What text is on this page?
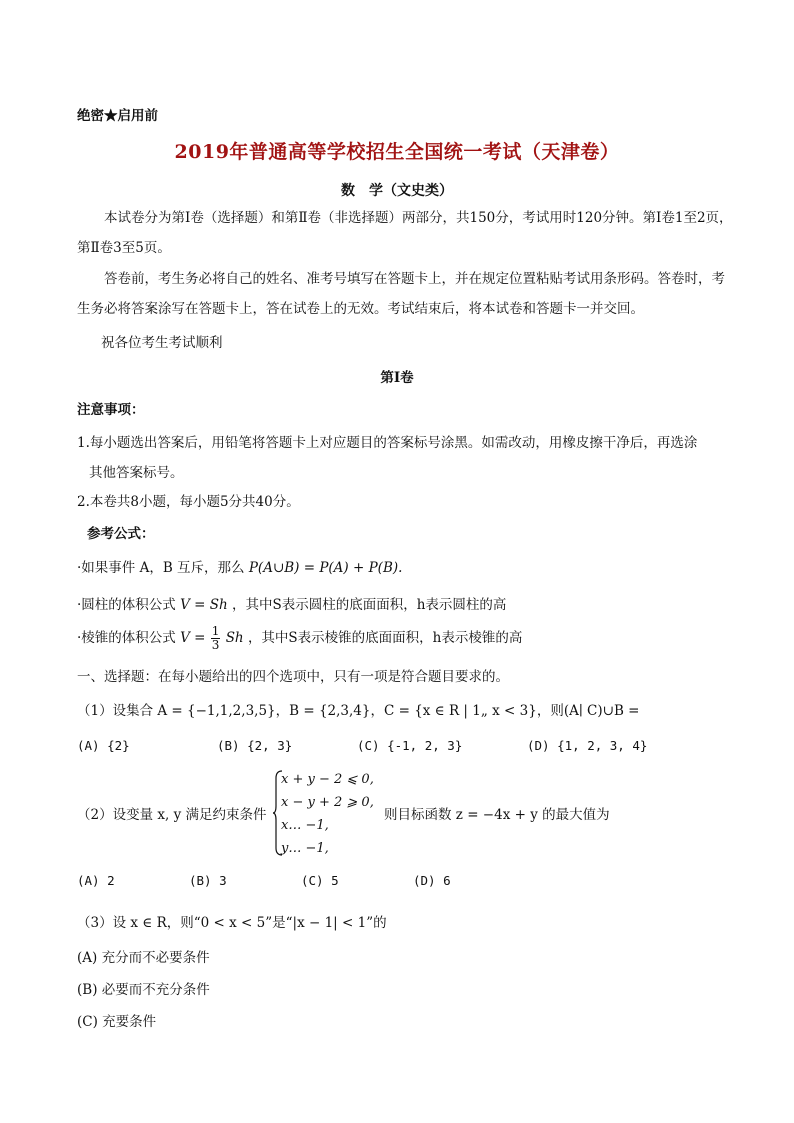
绝密★启用前
2019年普通高等学校招生全国统一考试（天津卷）
数　学（文史类）
本试卷分为第Ⅰ卷（选择题）和第Ⅱ卷（非选择题）两部分，共150分，考试用时120分钟。第Ⅰ卷1至2页，第Ⅱ卷3至5页。
答卷前，考生务必将自己的姓名、准考号填写在答题卡上，并在规定位置粘贴考试用条形码。答卷时，考生务必将答案涂写在答题卡上，答在试卷上的无效。考试结束后，将本试卷和答题卡一并交回。
祝各位考生考试顺利
第Ⅰ卷
注意事项：
1.每小题选出答案后，用铅笔将答题卡上对应题目的答案标号涂黑。如需改动，用橡皮擦干净后，再选涂
其他答案标号。
2.本卷共8小题，每小题5分共40分。
参考公式：
·如果事件 A，B 互斥，那么 P(A∪B) = P(A) + P(B).
·圆柱的体积公式 V = Sh ，其中S表示圆柱的底面面积，h表示圆柱的高
·棱锥的体积公式 $V = \frac{1}{3}$ Sh ，其中S表示棱锥的底面面积，h表示棱锥的高
一、选择题：在每小题给出的四个选项中，只有一项是符合题目要求的。
（1）设集合 A = {−1,1,2,3,5}，B = {2,3,4}，C = {x ∈ R | 1„ x < 3}，则(A∣ C)∪B =
(A) {2}	(B) {2, 3}	(C) {-1, 2, 3}	(D) {1, 2, 3, 4}
（2）设变量 x, y 满足约束条件
x + y − 2 ⩽ 0,
x − y + 2 ⩾ 0,
x… −1,
y… −1,
则目标函数 z = −4x + y 的最大值为
(A) 2	(B) 3	(C) 5	(D) 6
（3）设 x ∈ R，则“0 < x < 5”是“|x − 1| < 1”的
(A) 充分而不必要条件
(B) 必要而不充分条件
(C) 充要条件
